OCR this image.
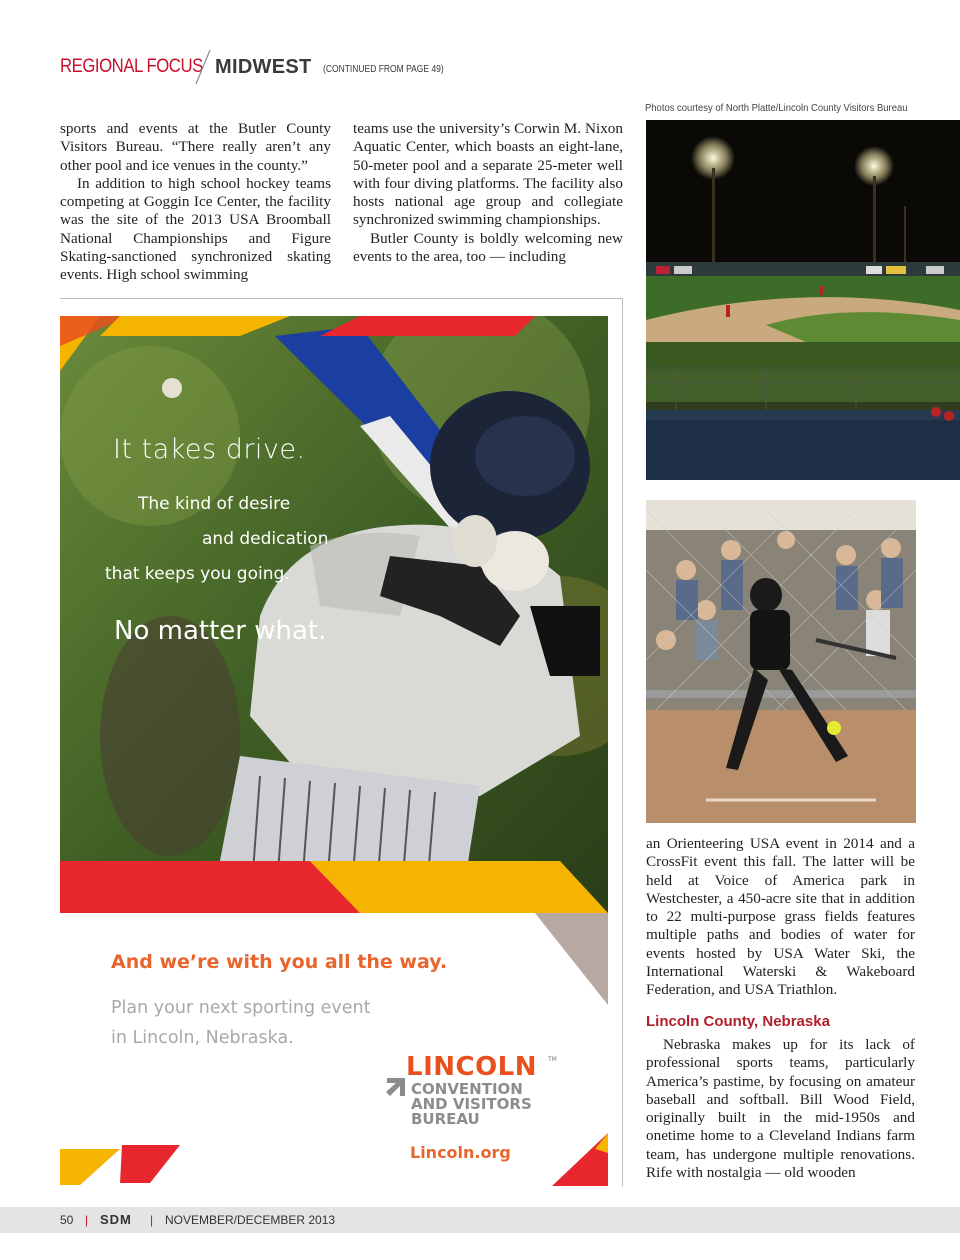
REGIONAL FOCUS MIDWEST (CONTINUED FROM PAGE 49)

sports and events at the Butler County Visitors Bureau. “There really aren’t any other pool and ice venues in the county.”

In addition to high school hockey teams competing at Goggin Ice Center, the facility was the site of the 2013 USA Broomball National Championships and Figure Skating-sanctioned synchronized skating events. High school swimming

teams use the university’s Corwin M. Nixon Aquatic Center, which boasts an eight-lane, 50-meter pool and a separate 25-meter well with four diving platforms. The facility also hosts national age group and collegiate synchronized swimming championships.

Butler County is boldly welcoming new events to the area, too — including

Photos courtesy of North Platte/Lincoln County Visitors Bureau

an Orienteering USA event in 2014 and a CrossFit event this fall. The latter will be held at Voice of America park in Westchester, a 450-acre site that in addition to 22 multi-purpose grass fields features multiple paths and bodies of water for events hosted by USA Water Ski, the International Waterski & Wakeboard Federation, and USA Triathlon.

Lincoln County, Nebraska

Nebraska makes up for its lack of professional sports teams, particularly America’s pastime, by focusing on amateur baseball and softball. Bill Wood Field, originally built in the mid-1950s and onetime home to a Cleveland Indians farm team, has undergone multiple renovations. Rife with nostalgia — old wooden

It takes drive.
The kind of desire
and dedication
that keeps you going.
No matter what.
And we’re with you all the way.
Plan your next sporting event
in Lincoln, Nebraska.
LINCOLN TM
CONVENTION
AND VISITORS
BUREAU
Lincoln.org
50 | SDM | NOVEMBER/DECEMBER 2013
